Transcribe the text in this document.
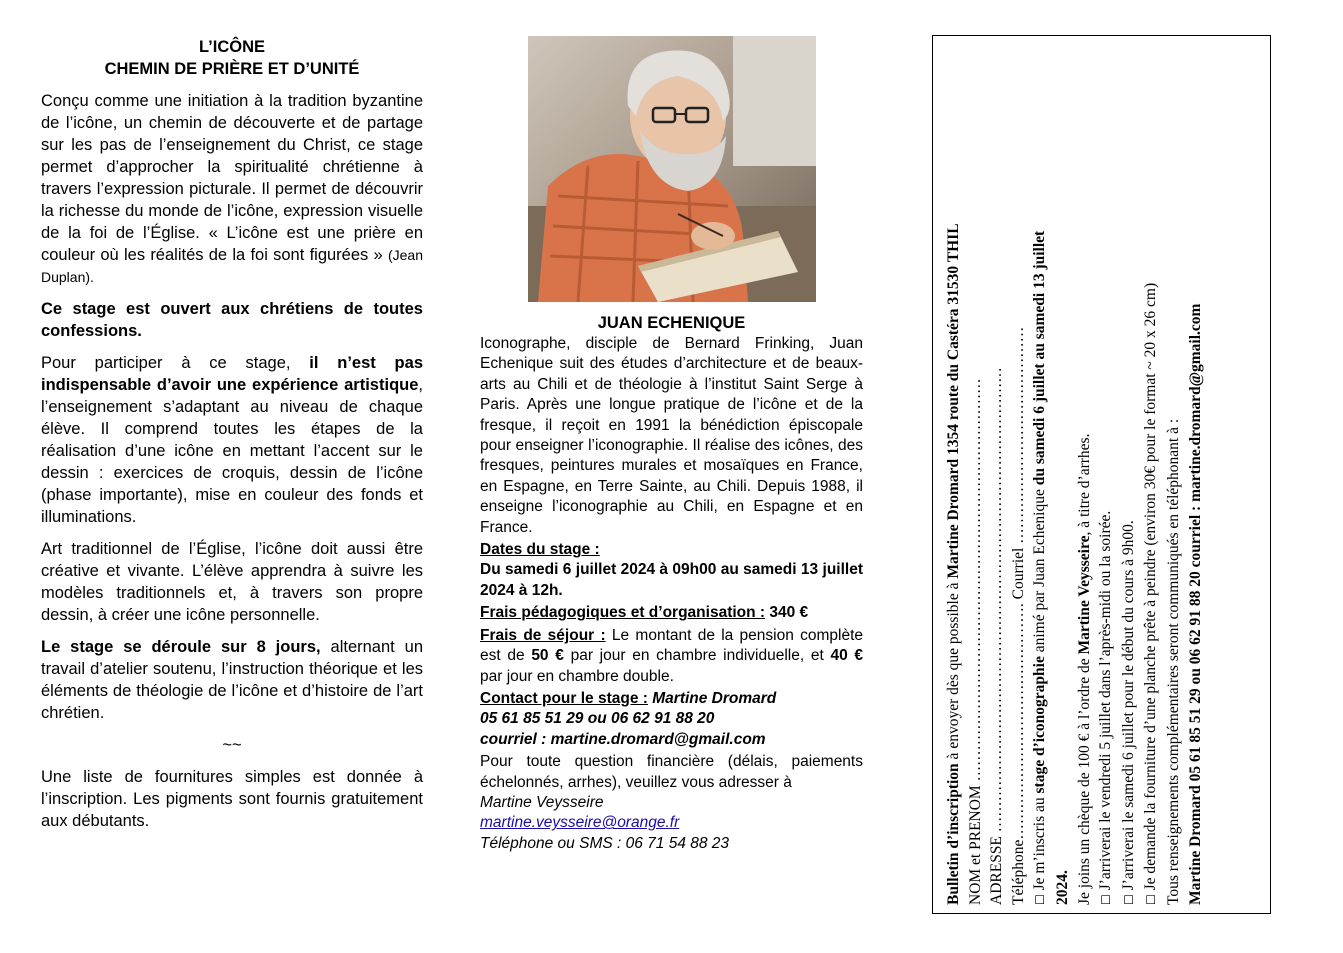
L’ICÔNE
CHEMIN DE PRIÈRE ET D’UNITÉ

Conçu comme une initiation à la tradition byzantine de l’icône, un chemin de découverte et de partage sur les pas de l’enseignement du Christ, ce stage permet d’approcher la spiritualité chrétienne à travers l’expression picturale. Il permet de découvrir la richesse du monde de l’icône, expression visuelle de la foi de l’Église. « L’icône est une prière en couleur où les réalités de la foi sont figurées » (Jean Duplan).

Ce stage est ouvert aux chrétiens de toutes confessions.

Pour participer à ce stage, il n’est pas indispensable d’avoir une expérience artistique, l’enseignement s’adaptant au niveau de chaque élève. Il comprend toutes les étapes de la réalisation d’une icône en mettant l’accent sur le dessin : exercices de croquis, dessin de l’icône (phase importante), mise en couleur des fonds et illuminations.

Art traditionnel de l’Église, l’icône doit aussi être créative et vivante. L’élève apprendra à suivre les modèles traditionnels et, à travers son propre dessin, à créer une icône personnelle.

Le stage se déroule sur 8 jours, alternant un travail d’atelier soutenu, l’instruction théorique et les éléments de théologie de l’icône et d’histoire de l’art chrétien.

~~

Une liste de fournitures simples est donnée à l’inscription. Les pigments sont fournis gratuitement aux débutants.

JUAN ECHENIQUE

Iconographe, disciple de Bernard Frinking, Juan Echenique suit des études d’architecture et de beaux-arts au Chili et de théologie à l’institut Saint Serge à Paris. Après une longue pratique de l’icône et de la fresque, il reçoit en 1991 la bénédiction épiscopale pour enseigner l’iconographie. Il réalise des icônes, des fresques, peintures murales et mosaïques en France, en Espagne, en Terre Sainte, au Chili. Depuis 1988, il enseigne l’iconographie au Chili, en Espagne et en France.

Dates du stage :

Du samedi 6 juillet 2024 à 09h00 au samedi 13 juillet 2024 à 12h.

Frais pédagogiques et d’organisation : 340 €

Frais de séjour : Le montant de la pension complète est de 50 € par jour en chambre individuelle, et 40 € par jour en chambre double.

Contact pour le stage : Martine Dromard

05 61 85 51 29 ou 06 62 91 88 20

courriel : martine.dromard@gmail.com

Pour toute question financière (délais, paiements échelonnés, arrhes), veuillez vous adresser à

Martine Veysseire

martine.veysseire@orange.fr

Téléphone ou SMS : 06 71 54 88 23	Bulletin d’inscription à envoyer dès que possible à Martine Dromard 1354 route du Castéra 31530 THIL NOM et PRENOM …………………………………………………………………… ADRESSE ……………………………………………………………………………… Téléphone………………………………………. Courriel …………………………………… ☐ Je m’inscris au stage d’iconographie animé par Juan Echenique du samedi 6 juillet au samedi 13 juillet

2024. Je joins un chèque de 100 € à l’ordre de Martine Veysseire, à titre d’arrhes.

☐ J’arriverai le vendredi 5 juillet dans l’après-midi ou la soirée.

☐ J’arriverai le samedi 6 juillet pour le début du cours à 9h00.

☐ Je demande la fourniture d’une planche prête à peindre (environ 30€ pour le format ~ 20 x 26 cm) Tous renseignements complémentaires seront communiqués en téléphonant à : Martine Dromard 05 61 85 51 29 ou 06 62 91 88 20 courriel : martine.dromard@gmail.com
